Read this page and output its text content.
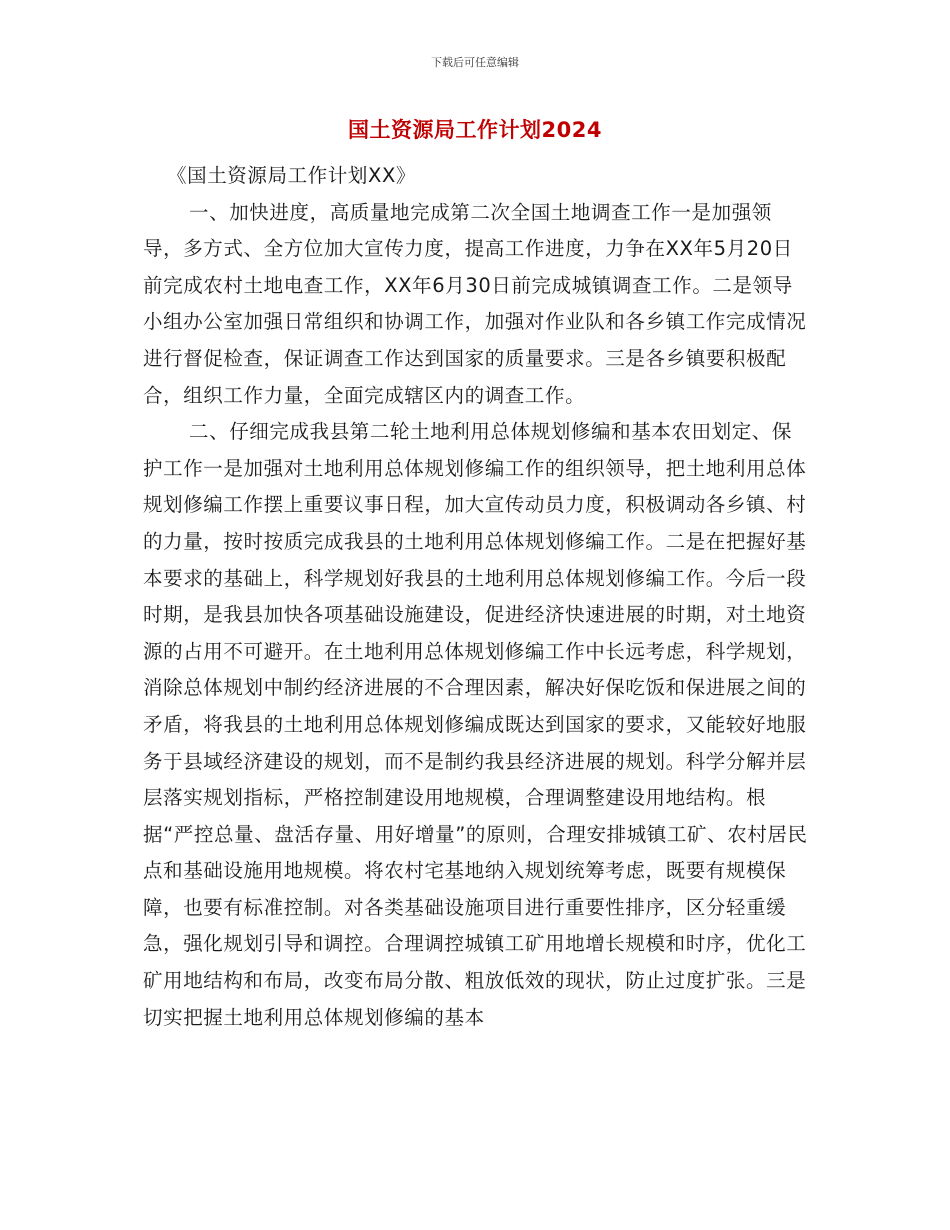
下载后可任意编辑
国土资源局工作计划2024

《国土资源局工作计划XX》

一、加快进度，高质量地完成第二次全国土地调查工作一是加强领导，多方式、全方位加大宣传力度，提高工作进度，力争在XX年5月20日前完成农村土地电查工作，XX年6月30日前完成城镇调查工作。二是领导小组办公室加强日常组织和协调工作，加强对作业队和各乡镇工作完成情况进行督促检查，保证调查工作达到国家的质量要求。三是各乡镇要积极配合，组织工作力量，全面完成辖区内的调查工作。

二、仔细完成我县第二轮土地利用总体规划修编和基本农田划定、保护工作一是加强对土地利用总体规划修编工作的组织领导，把土地利用总体规划修编工作摆上重要议事日程，加大宣传动员力度，积极调动各乡镇、村的力量，按时按质完成我县的土地利用总体规划修编工作。二是在把握好基本要求的基础上，科学规划好我县的土地利用总体规划修编工作。今后一段时期，是我县加快各项基础设施建设，促进经济快速进展的时期，对土地资源的占用不可避开。在土地利用总体规划修编工作中长远考虑，科学规划，消除总体规划中制约经济进展的不合理因素，解决好保吃饭和保进展之间的矛盾，将我县的土地利用总体规划修编成既达到国家的要求，又能较好地服务于县域经济建设的规划，而不是制约我县经济进展的规划。科学分解并层层落实规划指标，严格控制建设用地规模，合理调整建设用地结构。根据“严控总量、盘活存量、用好增量”的原则，合理安排城镇工矿、农村居民点和基础设施用地规模。将农村宅基地纳入规划统筹考虑，既要有规模保障，也要有标准控制。对各类基础设施项目进行重要性排序，区分轻重缓急，强化规划引导和调控。合理调控城镇工矿用地增长规模和时序，优化工矿用地结构和布局，改变布局分散、粗放低效的现状，防止过度扩张。三是切实把握土地利用总体规划修编的基本
